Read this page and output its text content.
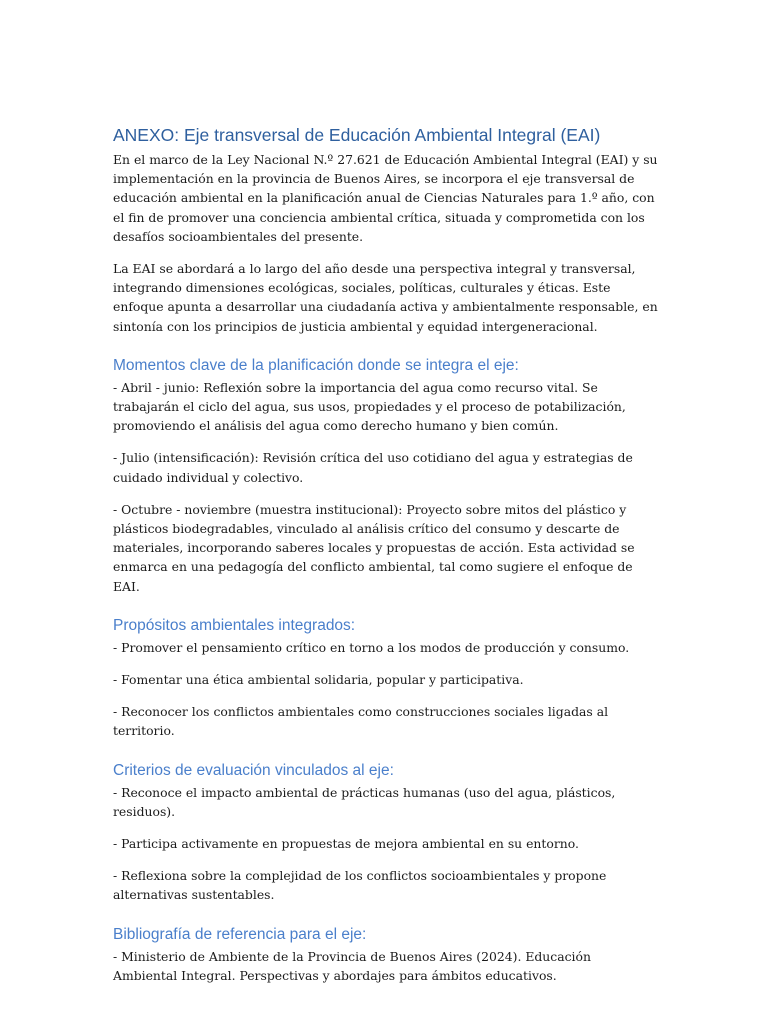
ANEXO: Eje transversal de Educación Ambiental Integral (EAI)

En el marco de la Ley Nacional N.º 27.621 de Educación Ambiental Integral (EAI) y su implementación en la provincia de Buenos Aires, se incorpora el eje transversal de educación ambiental en la planificación anual de Ciencias Naturales para 1.º año, con el fin de promover una conciencia ambiental crítica, situada y comprometida con los desafíos socioambientales del presente.

La EAI se abordará a lo largo del año desde una perspectiva integral y transversal, integrando dimensiones ecológicas, sociales, políticas, culturales y éticas. Este enfoque apunta a desarrollar una ciudadanía activa y ambientalmente responsable, en sintonía con los principios de justicia ambiental y equidad intergeneracional.

Momentos clave de la planificación donde se integra el eje:

- Abril - junio: Reflexión sobre la importancia del agua como recurso vital. Se trabajarán el ciclo del agua, sus usos, propiedades y el proceso de potabilización, promoviendo el análisis del agua como derecho humano y bien común.

- Julio (intensificación): Revisión crítica del uso cotidiano del agua y estrategias de cuidado individual y colectivo.

- Octubre - noviembre (muestra institucional): Proyecto sobre mitos del plástico y plásticos biodegradables, vinculado al análisis crítico del consumo y descarte de materiales, incorporando saberes locales y propuestas de acción. Esta actividad se enmarca en una pedagogía del conflicto ambiental, tal como sugiere el enfoque de EAI.

Propósitos ambientales integrados:

- Promover el pensamiento crítico en torno a los modos de producción y consumo.

- Fomentar una ética ambiental solidaria, popular y participativa.

- Reconocer los conflictos ambientales como construcciones sociales ligadas al territorio.

Criterios de evaluación vinculados al eje:

- Reconoce el impacto ambiental de prácticas humanas (uso del agua, plásticos, residuos).

- Participa activamente en propuestas de mejora ambiental en su entorno.

- Reflexiona sobre la complejidad de los conflictos socioambientales y propone alternativas sustentables.

Bibliografía de referencia para el eje:

- Ministerio de Ambiente de la Provincia de Buenos Aires (2024). Educación Ambiental Integral. Perspectivas y abordajes para ámbitos educativos.
